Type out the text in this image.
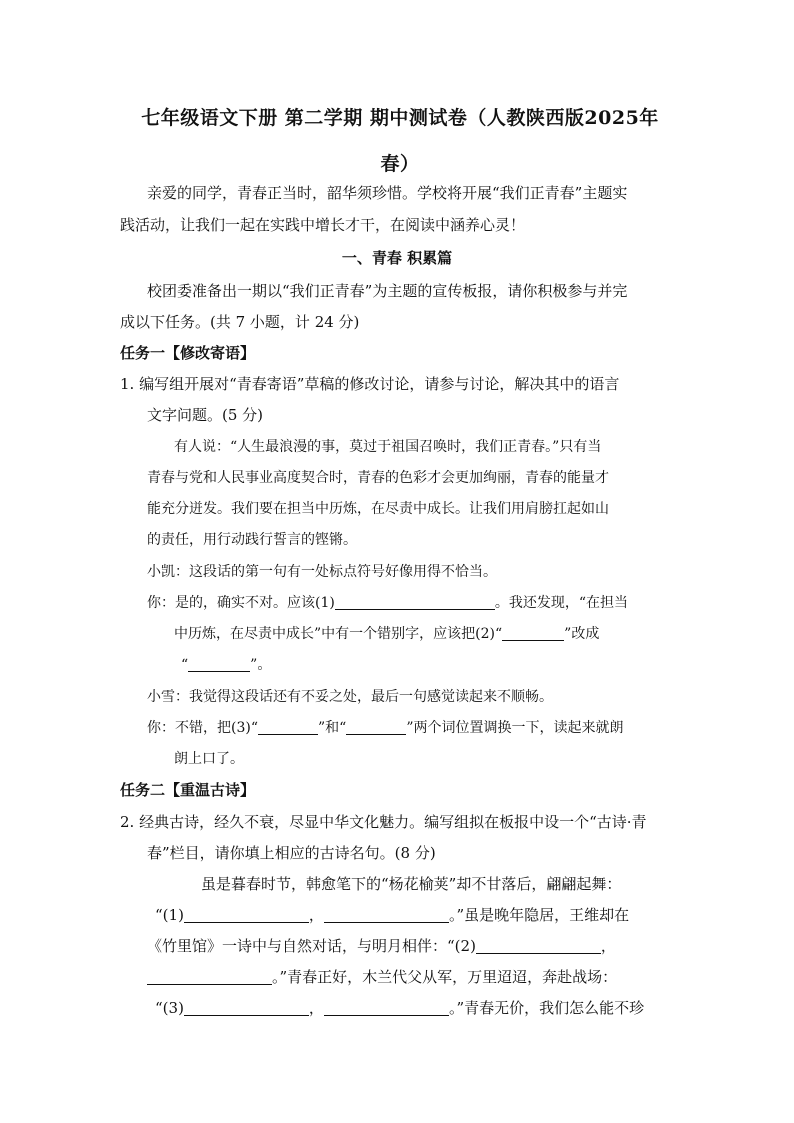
七年级语文下册 第二学期 期中测试卷（人教陕西版2025年
春）
亲爱的同学，青春正当时，韶华须珍惜。学校将开展“我们正青春”主题实
践活动，让我们一起在实践中增长才干，在阅读中涵养心灵！
一、青春 积累篇
校团委准备出一期以“我们正青春”为主题的宣传板报，请你积极参与并完
成以下任务。(共 7 小题，计 24 分)
任务一【修改寄语】
1. 编写组开展对“青春寄语”草稿的修改讨论，请参与讨论，解决其中的语言
文字问题。(5 分)
有人说：“人生最浪漫的事，莫过于祖国召唤时，我们正青春。”只有当
青春与党和人民事业高度契合时，青春的色彩才会更加绚丽，青春的能量才
能充分迸发。我们要在担当中历炼，在尽责中成长。让我们用肩膀扛起如山
的责任，用行动践行誓言的铿锵。
小凯：这段话的第一句有一处标点符号好像用得不恰当。
你：是的，确实不对。应该(1)	。我还发现，“在担当
中历炼，在尽责中成长”中有一个错别字，应该把(2)“	”改成
“	”。
小雪：我觉得这段话还有不妥之处，最后一句感觉读起来不顺畅。
你：不错，把(3)“	”和“	”两个词位置调换一下，读起来就朗
朗上口了。
任务二【重温古诗】
2. 经典古诗，经久不衰，尽显中华文化魅力。编写组拟在板报中设一个“古诗·青
春”栏目，请你填上相应的古诗名句。(8 分)
虽是暮春时节，韩愈笔下的“杨花榆荚”却不甘落后，翩翩起舞：
“(1)	，	。”虽是晚年隐居，王维却在
《竹里馆》一诗中与自然对话，与明月相伴：“(2)	，
。”青春正好，木兰代父从军，万里迢迢，奔赴战场：
“(3)	，	。”青春无价，我们怎么能不珍
